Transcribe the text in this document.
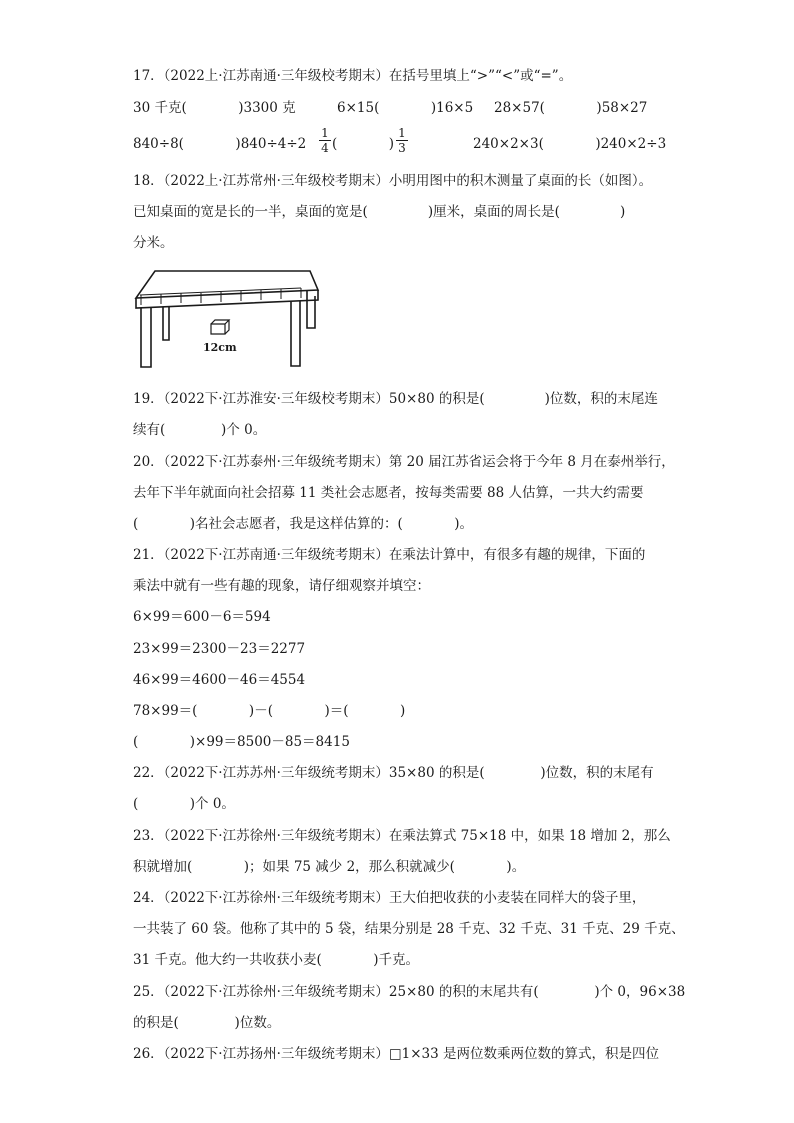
17．（2022上·江苏南通·三年级校考期末）在括号里填上“>”“<”或“=”。
30 千克(            )3300 克	6×15(            )16×5 28×57(            )58×27
840÷8(            )$840\div 4\div 2 \frac{1}{4}$ (            ) $\frac{1}{3}$	240×2×3(            )240×2÷3
18．（2022上·江苏常州·三年级校考期末）小明用图中的积木测量了桌面的长（如图）。
已知桌面的宽是长的一半，桌面的宽是(              )厘米，桌面的周长是(              )
分米。
12cm
19．（2022下·江苏淮安·三年级校考期末）50×80 的积是(              )位数，积的末尾连
续有(             )个 0。
20．（2022下·江苏泰州·三年级统考期末）第 20 届江苏省运会将于今年 8 月在泰州举行，
去年下半年就面向社会招募 11 类社会志愿者，按每类需要 88 人估算，一共大约需要
(            )名社会志愿者，我是这样估算的：(            )。
21．（2022下·江苏南通·三年级统考期末）在乘法计算中，有很多有趣的规律，下面的
乘法中就有一些有趣的现象，请仔细观察并填空：
6×99＝600－6＝594
23×99＝2300－23＝2277
46×99＝4600－46＝4554
78×99＝(            )－(            )＝(            )
(            )×99＝8500－85＝8415
22．（2022下·江苏苏州·三年级统考期末）35×80 的积是(             )位数，积的末尾有
(            )个 0。
23．（2022下·江苏徐州·三年级统考期末）在乘法算式 75×18 中，如果 18 增加 2，那么
积就增加(            )；如果 75 减少 2，那么积就减少(            )。
24．（2022下·江苏徐州·三年级统考期末）王大伯把收获的小麦装在同样大的袋子里，
一共装了 60 袋。他称了其中的 5 袋，结果分别是 28 千克、32 千克、31 千克、29 千克、
31 千克。他大约一共收获小麦(            )千克。
25．（2022下·江苏徐州·三年级统考期末）25×80 的积的末尾共有(             )个 0，96×38
的积是(             )位数。
26．（2022下·江苏扬州·三年级统考期末）□1×33 是两位数乘两位数的算式，积是四位
